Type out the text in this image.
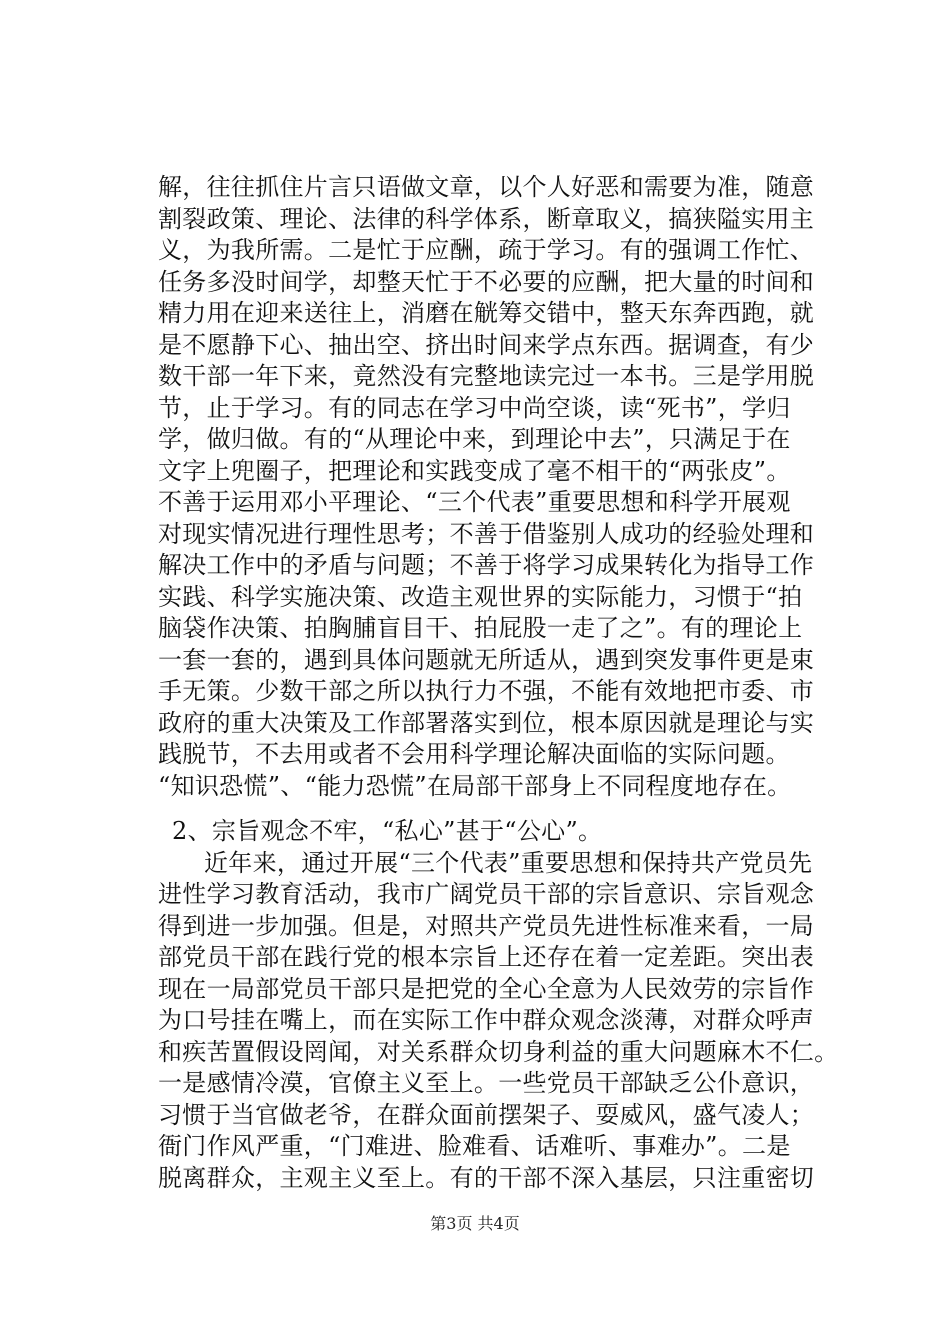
解，往往抓住片言只语做文章，以个人好恶和需要为准，随意
割裂政策、理论、法律的科学体系，断章取义，搞狭隘实用主
义，为我所需。二是忙于应酬，疏于学习。有的强调工作忙、
任务多没时间学，却整天忙于不必要的应酬，把大量的时间和
精力用在迎来送往上，消磨在觥筹交错中，整天东奔西跑，就
是不愿静下心、抽出空、挤出时间来学点东西。据调查，有少
数干部一年下来，竟然没有完整地读完过一本书。三是学用脱
节，止于学习。有的同志在学习中尚空谈，读“死书”，学归
学，做归做。有的“从理论中来，到理论中去”，只满足于在
文字上兜圈子，把理论和实践变成了毫不相干的“两张皮”。
不善于运用邓小平理论、“三个代表”重要思想和科学开展观
对现实情况进行理性思考；不善于借鉴别人成功的经验处理和
解决工作中的矛盾与问题；不善于将学习成果转化为指导工作
实践、科学实施决策、改造主观世界的实际能力，习惯于“拍
脑袋作决策、拍胸脯盲目干、拍屁股一走了之”。有的理论上
一套一套的，遇到具体问题就无所适从，遇到突发事件更是束
手无策。少数干部之所以执行力不强，不能有效地把市委、市
政府的重大决策及工作部署落实到位，根本原因就是理论与实
践脱节，不去用或者不会用科学理论解决面临的实际问题。
“知识恐慌”、“能力恐慌”在局部干部身上不同程度地存在。
2、宗旨观念不牢，“私心”甚于“公心”。
近年来，通过开展“三个代表”重要思想和保持共产党员先
进性学习教育活动，我市广阔党员干部的宗旨意识、宗旨观念
得到进一步加强。但是，对照共产党员先进性标准来看，一局
部党员干部在践行党的根本宗旨上还存在着一定差距。突出表
现在一局部党员干部只是把党的全心全意为人民效劳的宗旨作
为口号挂在嘴上，而在实际工作中群众观念淡薄，对群众呼声
和疾苦置假设罔闻，对关系群众切身利益的重大问题麻木不仁。
一是感情冷漠，官僚主义至上。一些党员干部缺乏公仆意识，
习惯于当官做老爷，在群众面前摆架子、耍威风，盛气凌人；
衙门作风严重，“门难进、脸难看、话难听、事难办”。二是
脱离群众，主观主义至上。有的干部不深入基层，只注重密切
第3页 共4页
